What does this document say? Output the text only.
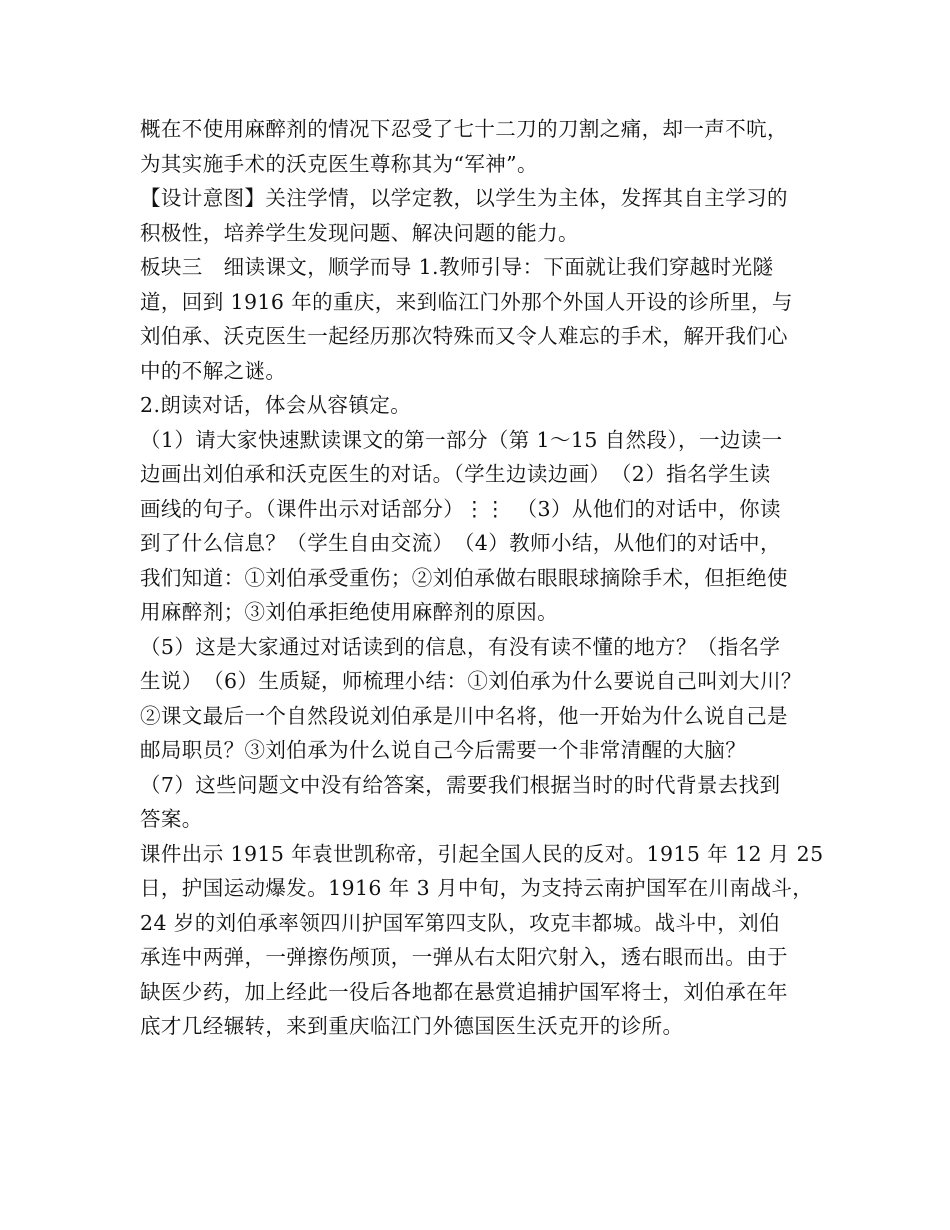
概在不使用麻醉剂的情况下忍受了七十二刀的刀割之痛，却一声不吭，
为其实施手术的沃克医生尊称其为“军神”。
【设计意图】关注学情，以学定教，以学生为主体，发挥其自主学习的
积极性，培养学生发现问题、解决问题的能力。
板块三　细读课文，顺学而导 1.教师引导：下面就让我们穿越时光隧
道，回到 1916 年的重庆，来到临江门外那个外国人开设的诊所里，与
刘伯承、沃克医生一起经历那次特殊而又令人难忘的手术，解开我们心
中的不解之谜。
2.朗读对话，体会从容镇定。
（1）请大家快速默读课文的第一部分（第 1～15 自然段），一边读一
边画出刘伯承和沃克医生的对话。（学生边读边画）　（2）指名学生读
画线的句子。（课件出示对话部分）⋮⋮　（3）从他们的对话中，你读
到了什么信息？（学生自由交流）　（4）教师小结，从他们的对话中，
我们知道：①刘伯承受重伤；②刘伯承做右眼眼球摘除手术，但拒绝使
用麻醉剂；③刘伯承拒绝使用麻醉剂的原因。
（5）这是大家通过对话读到的信息，有没有读不懂的地方？（指名学
生说）　（6）生质疑，师梳理小结：①刘伯承为什么要说自己叫刘大川？
②课文最后一个自然段说刘伯承是川中名将，他一开始为什么说自己是
邮局职员？③刘伯承为什么说自己今后需要一个非常清醒的大脑？
（7）这些问题文中没有给答案，需要我们根据当时的时代背景去找到
答案。
课件出示 1915 年袁世凯称帝，引起全国人民的反对。1915 年 12 月 25
日，护国运动爆发。1916 年 3 月中旬，为支持云南护国军在川南战斗，
24 岁的刘伯承率领四川护国军第四支队，攻克丰都城。战斗中，刘伯
承连中两弹，一弹擦伤颅顶，一弹从右太阳穴射入，透右眼而出。由于
缺医少药，加上经此一役后各地都在悬赏追捕护国军将士，刘伯承在年
底才几经辗转，来到重庆临江门外德国医生沃克开的诊所。
